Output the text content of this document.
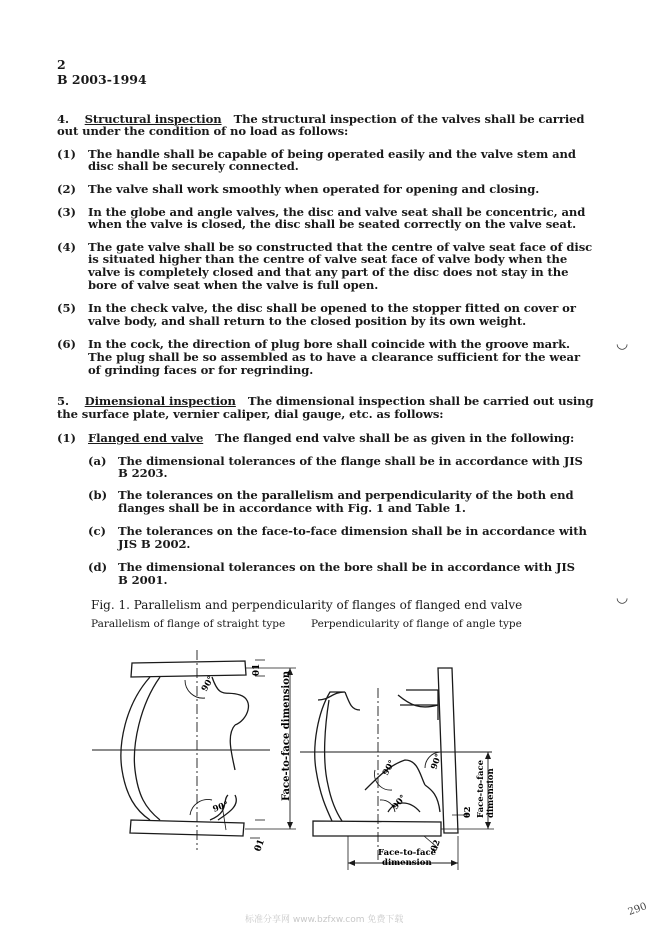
2
B 2003-1994
4. Structural inspection The structural inspection of the valves shall be carried
out under the condition of no load as follows:
(1) The handle shall be capable of being operated easily and the valve stem and
disc shall be securely connected.
(2) The valve shall work smoothly when operated for opening and closing.
(3) In the globe and angle valves, the disc and valve seat shall be concentric, and
when the valve is closed, the disc shall be seated correctly on the valve seat.
(4) The gate valve shall be so constructed that the centre of valve seat face of disc
is situated higher than the centre of valve seat face of valve body when the
valve is completely closed and that any part of the disc does not stay in the
bore of valve seat when the valve is full open.
(5) In the check valve, the disc shall be opened to the stopper fitted on cover or
valve body, and shall return to the closed position by its own weight.
(6) In the cock, the direction of plug bore shall coincide with the groove mark.
The plug shall be so assembled as to have a clearance sufficient for the wear
of grinding faces or for regrinding.
5. Dimensional inspection The dimensional inspection shall be carried out using
the surface plate, vernier caliper, dial gauge, etc. as follows:
(1) Flanged end valve The flanged end valve shall be as given in the following:
(a) The dimensional tolerances of the flange shall be in accordance with JIS
B 2203.
(b) The tolerances on the parallelism and perpendicularity of the both end
flanges shall be in accordance with Fig. 1 and Table 1.
(c) The tolerances on the face-to-face dimension shall be in accordance with
JIS B 2002.
(d) The dimensional tolerances on the bore shall be in accordance with JIS
B 2001.
Fig. 1. Parallelism and perpendicularity of flanges of flanged end valve
Parallelism of flange of straight type Perpendicularity of flange of angle type
Face-to-face dimension
90°
90°
θ1
θ1
90°	90°
90°
θ2
θ2
Face-to-face dimension
Face-to-face
dimension
◡
◡
290
标准分享网 www.bzfxw.com 免费下载
